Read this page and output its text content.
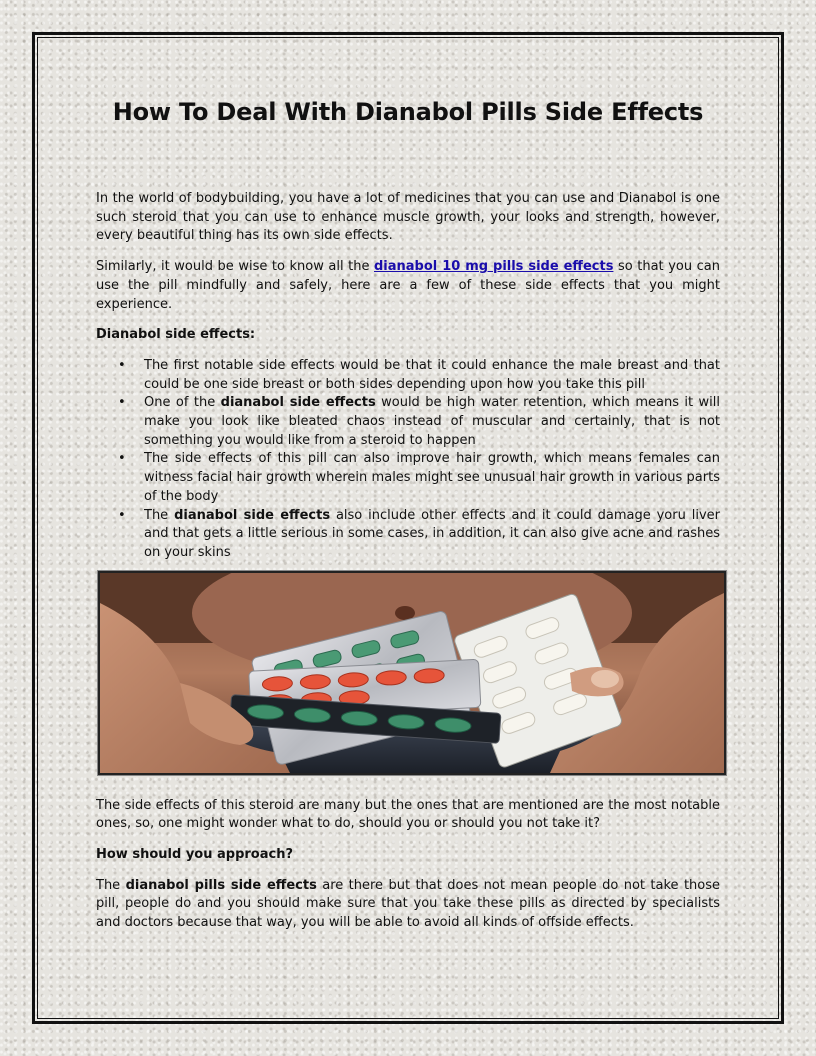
How To Deal With Dianabol Pills Side Effects

In the world of bodybuilding, you have a lot of medicines that you can use and Dianabol is one such steroid that you can use to enhance muscle growth, your looks and strength, however, every beautiful thing has its own side effects.

Similarly, it would be wise to know all the dianabol 10 mg pills side effects so that you can use the pill mindfully and safely, here are a few of these side effects that you might experience.

Dianabol side effects:

• The first notable side effects would be that it could enhance the male breast and that could be one side breast or both sides depending upon how you take this pill
• One of the dianabol side effects would be high water retention, which means it will make you look like bleated chaos instead of muscular and certainly, that is not something you would like from a steroid to happen
• The side effects of this pill can also improve hair growth, which means females can witness facial hair growth wherein males might see unusual hair growth in various parts of the body
• The dianabol side effects also include other effects and it could damage yoru liver and that gets a little serious in some cases, in addition, it can also give acne and rashes on your skins

The side effects of this steroid are many but the ones that are mentioned are the most notable ones, so, one might wonder what to do, should you or should you not take it?

How should you approach?

The dianabol pills side effects are there but that does not mean people do not take those pill, people do and you should make sure that you take these pills as directed by specialists and doctors because that way, you will be able to avoid all kinds of offside effects.
